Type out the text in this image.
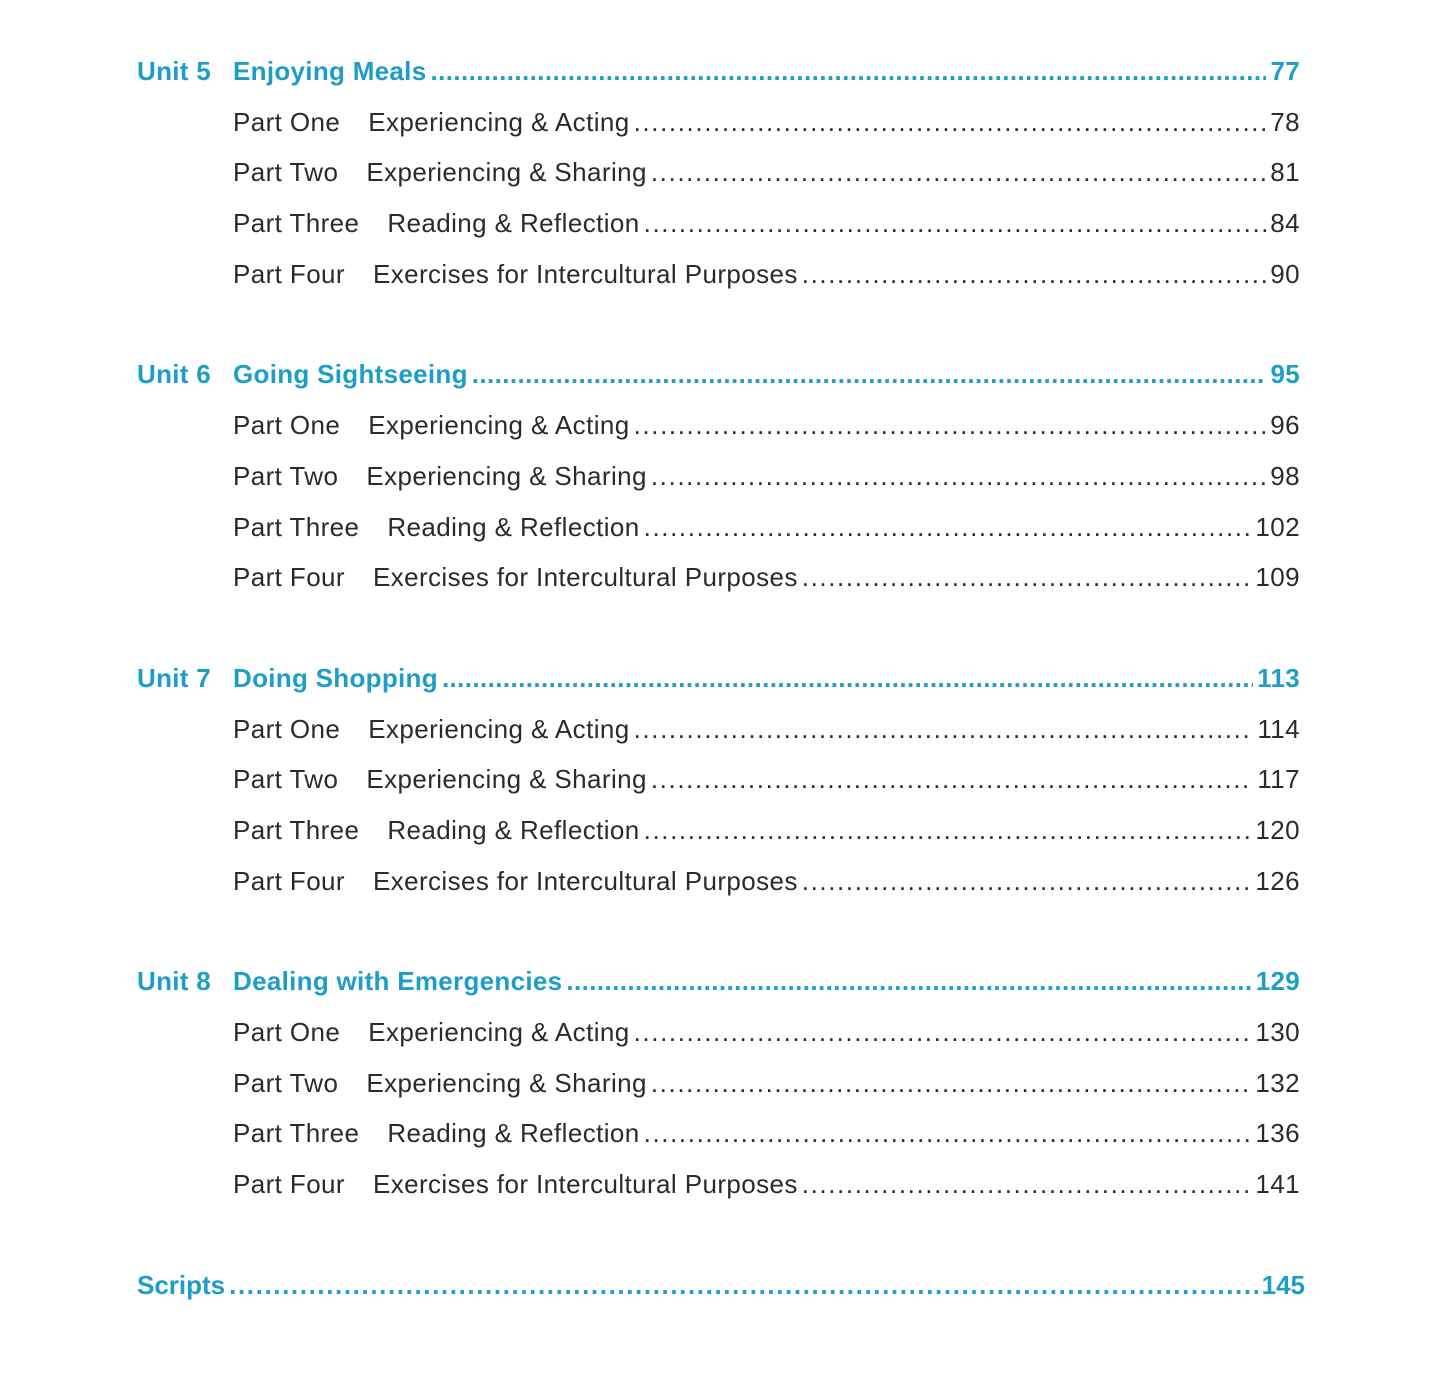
Unit 5 Enjoying Meals .....	77
Part One Experiencing & Acting .....	78
Part Two Experiencing & Sharing .....	81
Part Three Reading & Reflection .....	84
Part Four Exercises for Intercultural Purposes .....	90
Unit 6 Going Sightseeing .....	95
Part One Experiencing & Acting .....	96
Part Two Experiencing & Sharing .....	98
Part Three Reading & Reflection .....	102
Part Four Exercises for Intercultural Purposes .....	109
Unit 7 Doing Shopping .....	113
Part One Experiencing & Acting .....	114
Part Two Experiencing & Sharing .....	117
Part Three Reading & Reflection .....	120
Part Four Exercises for Intercultural Purposes .....	126
Unit 8 Dealing with Emergencies .....	129
Part One Experiencing & Acting .....	130
Part Two Experiencing & Sharing .....	132
Part Three Reading & Reflection .....	136
Part Four Exercises for Intercultural Purposes .....	141
Scripts .....	145
